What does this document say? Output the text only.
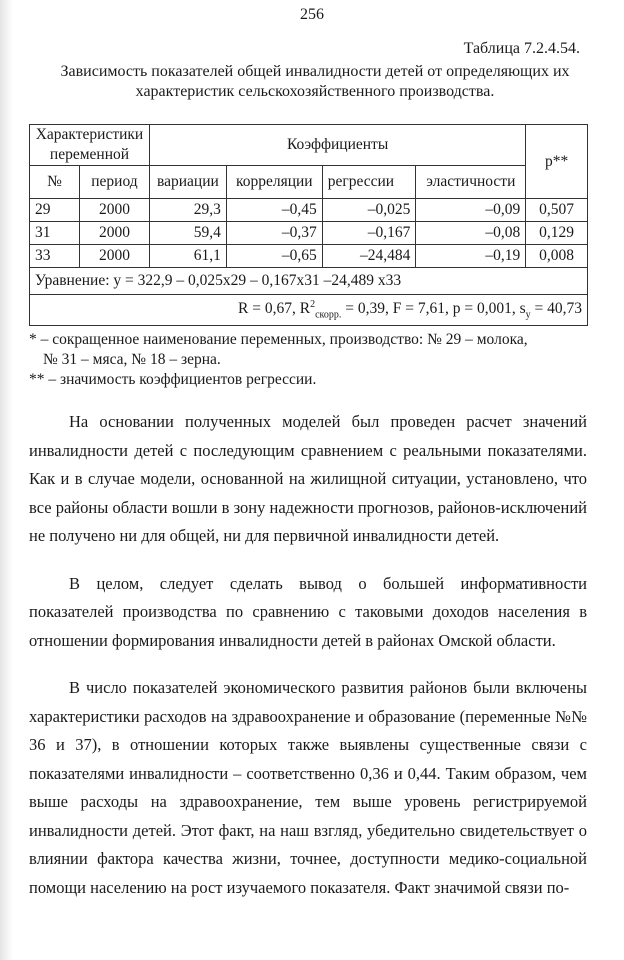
256
Таблица 7.2.4.54.
Зависимость показателей общей инвалидности детей от определяющих их
характеристик сельскохозяйственного производства.
Характеристики переменной		Коэффициенты				p**
№	период	вариации	корреляции	регрессии	эластичности	
29	2000	29,3	–0,45	–0,025	–0,09	0,507
31	2000	59,4	–0,37	–0,167	–0,08	0,129
33	2000	61,1	–0,65	–24,484	–0,19	0,008
Уравнение: y = 322,9 – 0,025х29 – 0,167х31 –24,489 х33						
R = 0,67, $R^2_{скорр.} = 0,39$, F = 7,61, p = 0,001, $s_y = 40,73$						
* – сокращенное наименование переменных, производство: № 29 – молока,
№ 31 – мяса, № 18 – зерна.
** – значимость коэффициентов регрессии.

На основании полученных моделей был проведен расчет значений инвалидности детей с последующим сравнением с реальными показателями. Как и в случае модели, основанной на жилищной ситуации, установлено, что все районы области вошли в зону надежности прогнозов, районов-исключений не получено ни для общей, ни для первичной инвалидности детей.

В целом, следует сделать вывод о большей информативности показателей производства по сравнению с таковыми доходов населения в отношении формирования инвалидности детей в районах Омской области.

В число показателей экономического развития районов были включены характеристики расходов на здравоохранение и образование (переменные №№ 36 и 37), в отношении которых также выявлены существенные связи с показателями инвалидности – соответственно 0,36 и 0,44. Таким образом, чем выше расходы на здравоохранение, тем выше уровень регистрируемой инвалидности детей. Этот факт, на наш взгляд, убедительно свидетельствует о влиянии фактора качества жизни, точнее, доступности медико-социальной помощи населению на рост изучаемого показателя. Факт значимой связи по-
